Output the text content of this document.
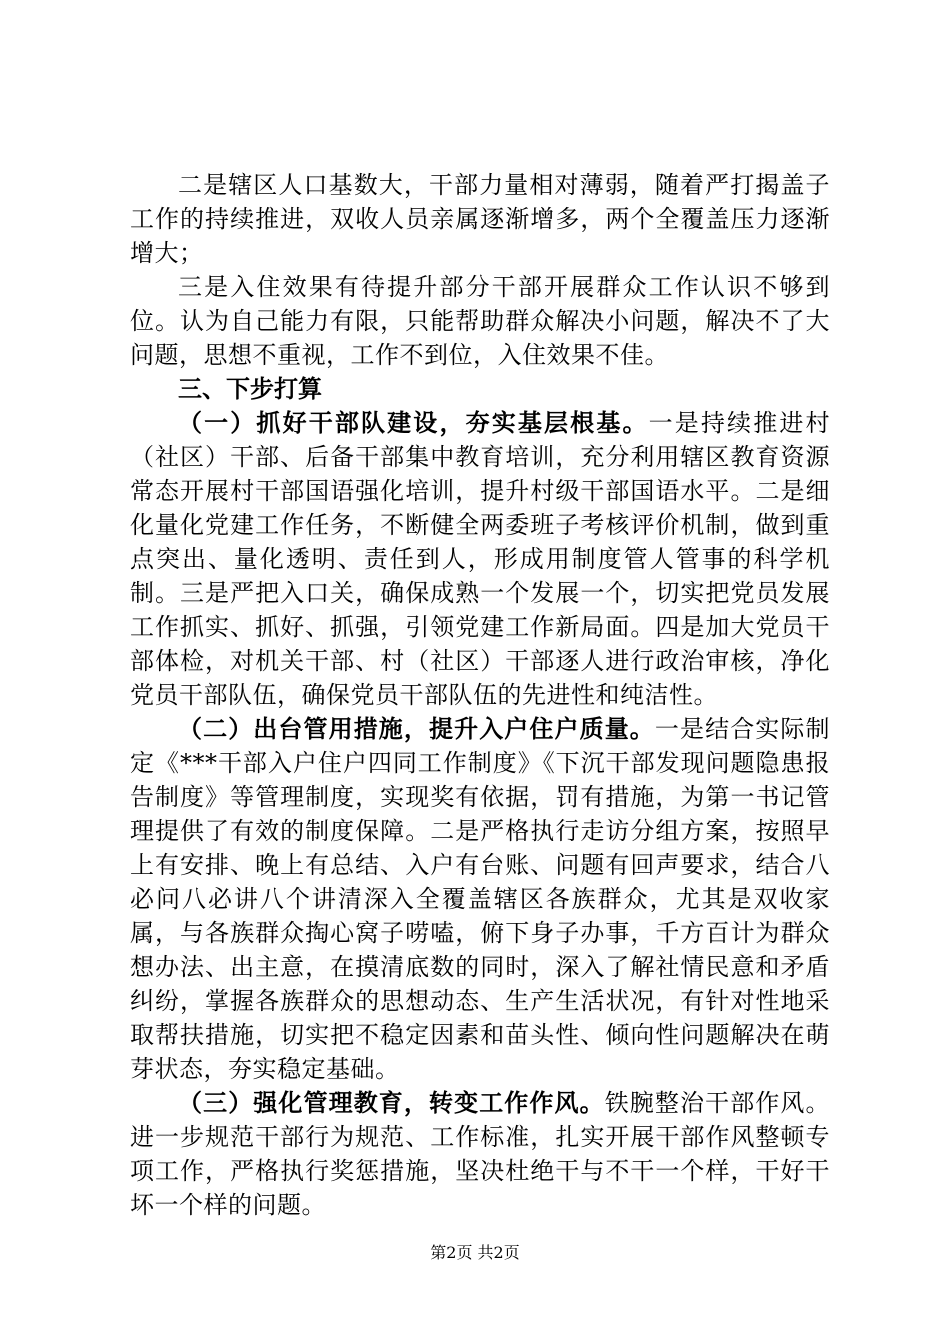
二是辖区人口基数大，干部力量相对薄弱，随着严打揭盖子工作的持续推进，双收人员亲属逐渐增多，两个全覆盖压力逐渐增大；

三是入住效果有待提升部分干部开展群众工作认识不够到位。认为自己能力有限，只能帮助群众解决小问题，解决不了大问题，思想不重视，工作不到位，入住效果不佳。

三、下步打算

（一）抓好干部队建设，夯实基层根基。一是持续推进村（社区）干部、后备干部集中教育培训，充分利用辖区教育资源常态开展村干部国语强化培训，提升村级干部国语水平。二是细化量化党建工作任务，不断健全两委班子考核评价机制，做到重点突出、量化透明、责任到人，形成用制度管人管事的科学机制。三是严把入口关，确保成熟一个发展一个，切实把党员发展工作抓实、抓好、抓强，引领党建工作新局面。四是加大党员干部体检，对机关干部、村（社区）干部逐人进行政治审核，净化党员干部队伍，确保党员干部队伍的先进性和纯洁性。

（二）出台管用措施，提升入户住户质量。一是结合实际制定《***干部入户住户四同工作制度》《下沉干部发现问题隐患报告制度》等管理制度，实现奖有依据，罚有措施，为第一书记管理提供了有效的制度保障。二是严格执行走访分组方案，按照早上有安排、晚上有总结、入户有台账、问题有回声要求，结合八必问八必讲八个讲清深入全覆盖辖区各族群众，尤其是双收家属，与各族群众掏心窝子唠嗑，俯下身子办事，千方百计为群众想办法、出主意，在摸清底数的同时，深入了解社情民意和矛盾纠纷，掌握各族群众的思想动态、生产生活状况，有针对性地采取帮扶措施，切实把不稳定因素和苗头性、倾向性问题解决在萌芽状态，夯实稳定基础。

（三）强化管理教育，转变工作作风。铁腕整治干部作风。进一步规范干部行为规范、工作标准，扎实开展干部作风整顿专项工作，严格执行奖惩措施，坚决杜绝干与不干一个样，干好干坏一个样的问题。

第2页 共2页
